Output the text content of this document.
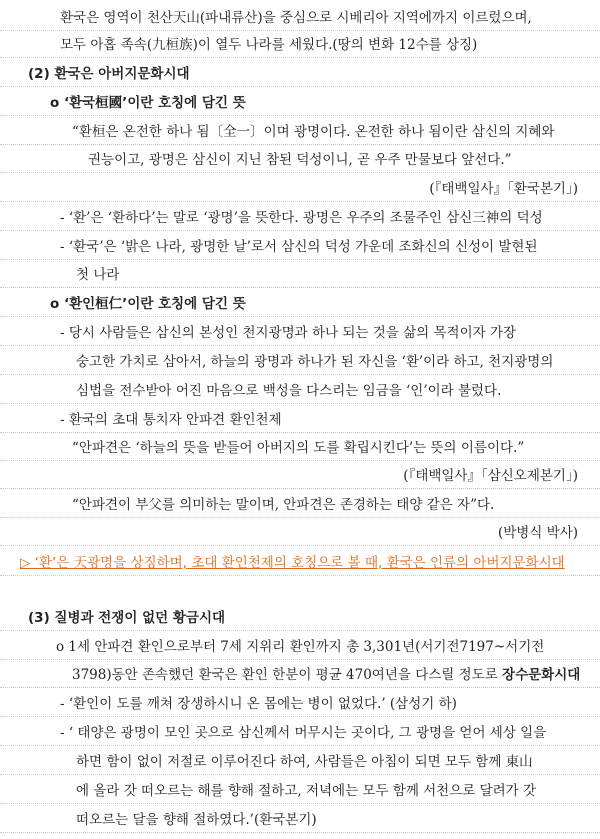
환국은 영역이 천산天山(파내류산)을 중심으로 시베리아 지역에까지 이르렀으며,
모두 아홉 족속(九桓族)이 열두 나라를 세웠다.(땅의 변화 12수를 상징)
(2) 환국은 아버지문화시대
o ‘환국桓國’이란 호칭에 담긴 뜻
“환桓은 온전한 하나 됨〔全一〕이며 광명이다. 온전한 하나 됨이란 삼신의 지혜와
권능이고, 광명은 삼신이 지닌 참된 덕성이니, 곧 우주 만물보다 앞선다.”
(『태백일사』「환국본기」)
- ‘환’은 ‘환하다’는 말로 ‘광명’을 뜻한다. 광명은 우주의 조물주인 삼신三神의 덕성
- ‘환국’은 ‘밝은 나라, 광명한 날’로서 삼신의 덕성 가운데 조화신의 신성이 발현된
첫 나라
o ‘환인桓仁’이란 호칭에 담긴 뜻
- 당시 사람들은 삼신의 본성인 천지광명과 하나 되는 것을 삶의 목적이자 가장
숭고한 가치로 삼아서, 하늘의 광명과 하나가 된 자신을 ‘환’이라 하고, 천지광명의
심법을 전수받아 어진 마음으로 백성을 다스리는 임금을 ‘인’이라 불렀다.
- 환국의 초대 통치자 안파견 환인천제
“안파견은 ‘하늘의 뜻을 받들어 아버지의 도를 확립시킨다’는 뜻의 이름이다.”
(『태백일사』「삼신오제본기」)
“안파견이 부父를 의미하는 말이며, 안파견은 존경하는 태양 같은 자”다.
(박병식 박사)
▷ ‘환’은 天광명을 상징하며, 초대 환인천제의 호칭으로 볼 때, 환국은 인류의 아버지문화시대
(3) 질병과 전쟁이 없던 황금시대
o 1세 안파견 환인으로부터 7세 지위리 환인까지 총 3,301년(서기전7197~서기전
3798)동안 존속했던 환국은 환인 한분이 평균 470여년을 다스릴 정도로 장수문화시대
- ‘환인이 도를 깨쳐 장생하시니 온 몸에는 병이 없었다.’ (삼성기 하)
- ‘ 태양은 광명이 모인 곳으로 삼신께서 머무시는 곳이다, 그 광명을 얻어 세상 일을
하면 함이 없이 저절로 이루어진다 하여, 사람들은 아침이 되면 모두 함께 東山
에 올라 갓 떠오르는 해를 향해 절하고, 저녁에는 모두 함께 서천으로 달려가 갓
떠오르는 달을 향해 절하였다.’(환국본기)
